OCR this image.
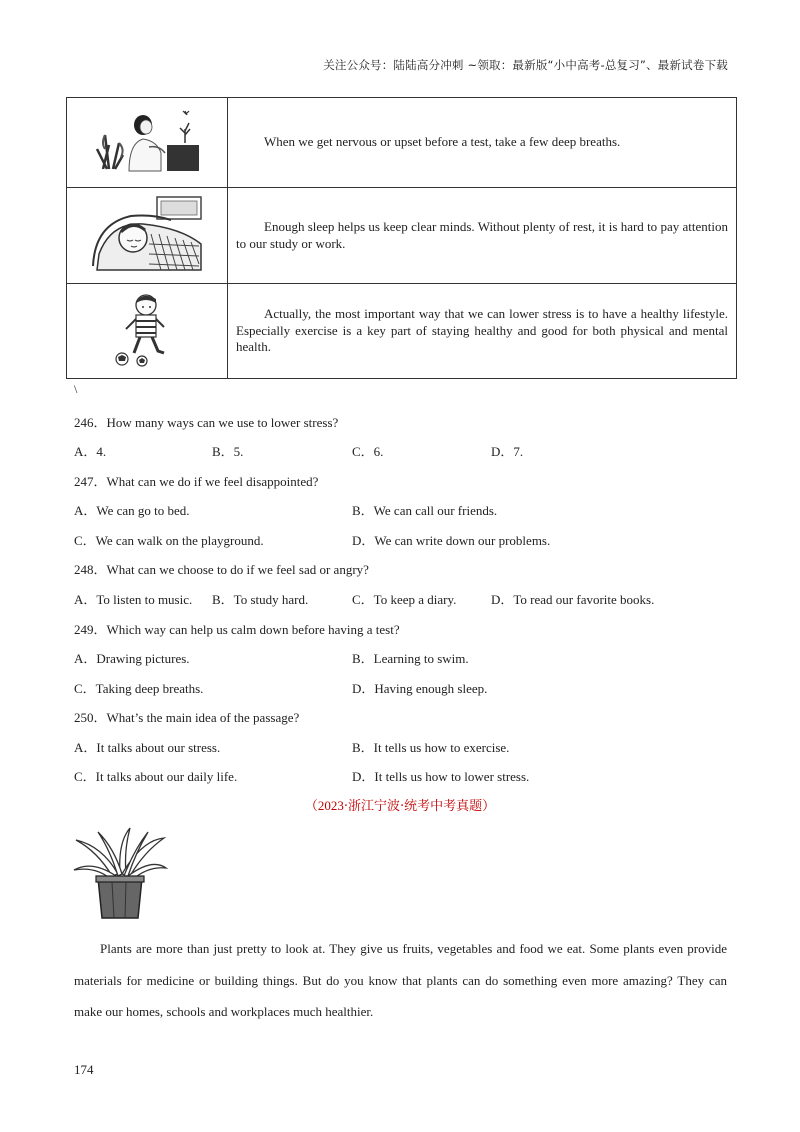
关注公众号：陆陆高分冲刺 ~领取：最新版“小中高考-总复习”、最新试卷下载
	When we get nervous or upset before a test, take a few deep breaths.
	Enough sleep helps us keep clear minds. Without plenty of rest, it is hard to pay attention to our study or work.
	Actually, the most important way that we can lower stress is to have a healthy lifestyle. Especially exercise is a key part of staying healthy and good for both physical and mental health.
\
246．How many ways can we use to lower stress?
A．4.	B．5.	C．6.	D．7.
247．What can we do if we feel disappointed?
A．We can go to bed.	B．We can call our friends.
C．We can walk on the playground.	D．We can write down our problems.
248．What can we choose to do if we feel sad or angry?
A．To listen to music. B．To study hard.	C．To keep a diary.	D．To read our favorite books.
249．Which way can help us calm down before having a test?
A．Drawing pictures.	B．Learning to swim.
C．Taking deep breaths.	D．Having enough sleep.
250．What’s the main idea of the passage?
A．It talks about our stress.	B．It tells us how to exercise.
C．It talks about our daily life.	D．It tells us how to lower stress.
（2023·浙江宁波·统考中考真题）
Plants are more than just pretty to look at. They give us fruits, vegetables and food we eat. Some plants even provide materials for medicine or building things. But do you know that plants can do something even more amazing? They can make our homes, schools and workplaces much healthier.
174
